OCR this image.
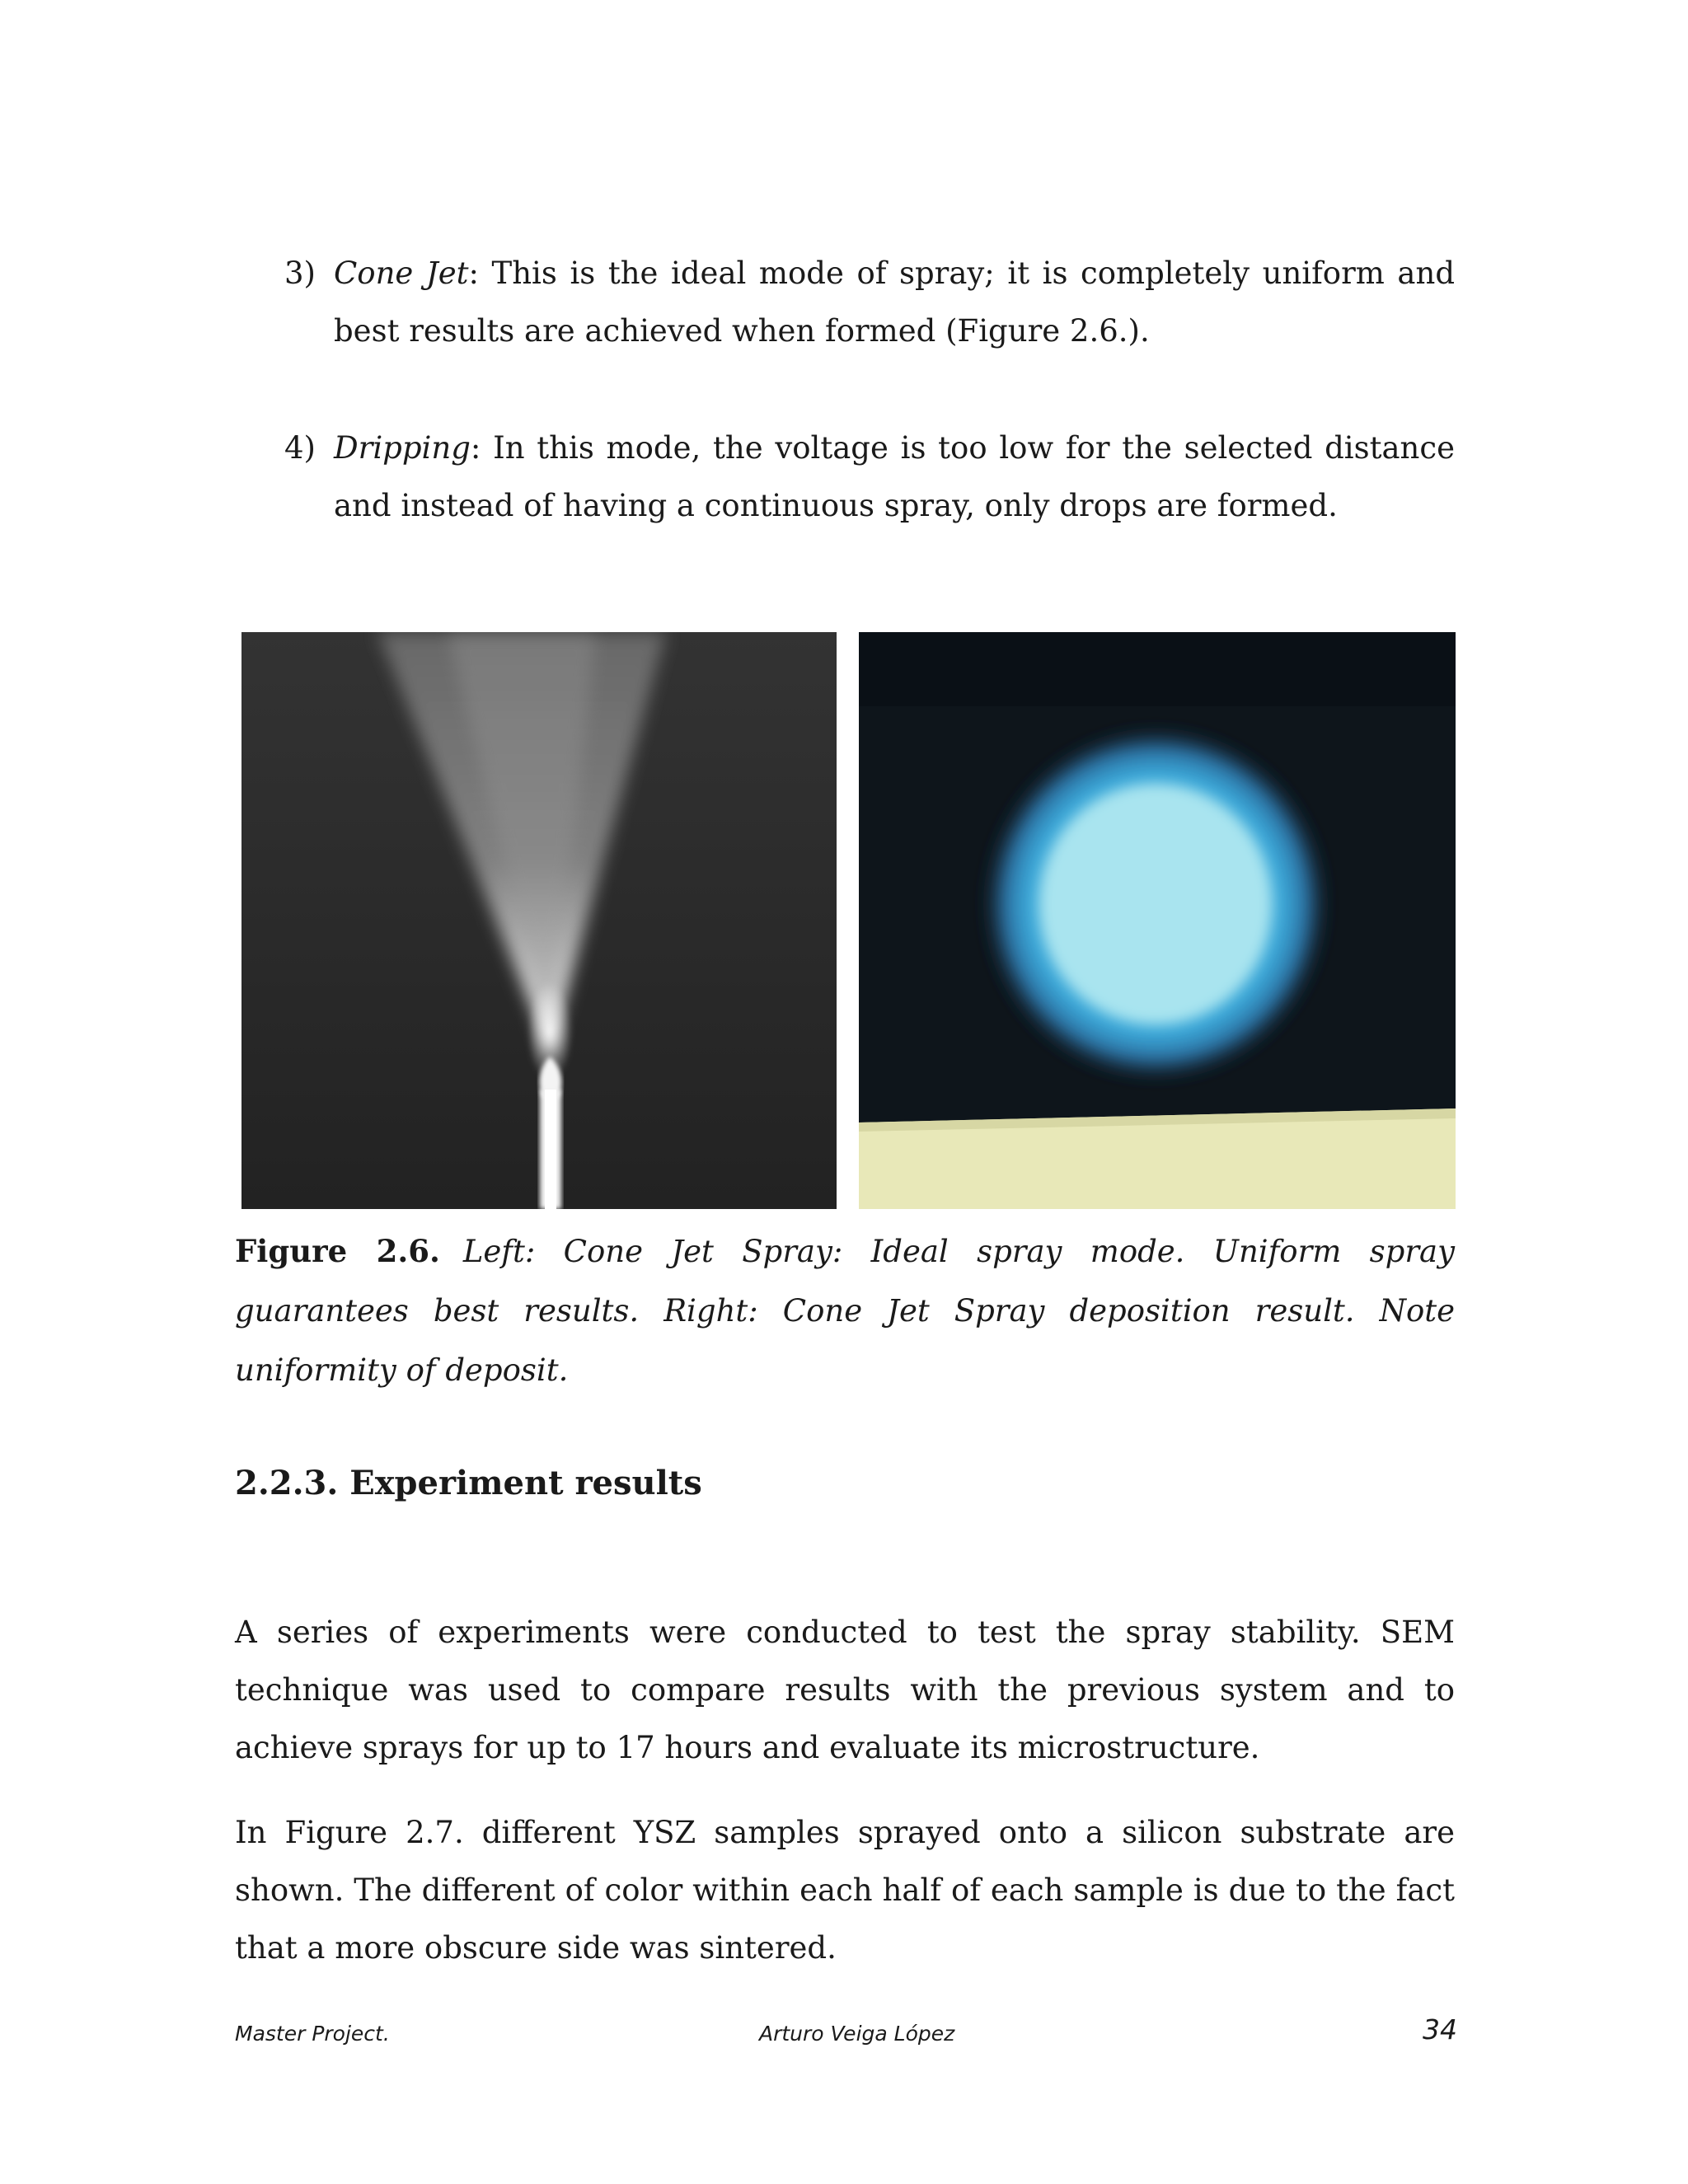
3) Cone Jet: This is the ideal mode of spray; it is completely uniform and best results are achieved when formed (Figure 2.6.).
4) Dripping: In this mode, the voltage is too low for the selected distance and instead of having a continuous spray, only drops are formed.
Figure 2.6. Left: Cone Jet Spray: Ideal spray mode. Uniform spray guarantees best results. Right: Cone Jet Spray deposition result. Note uniformity of deposit.
2.2.3. Experiment results

A series of experiments were conducted to test the spray stability. SEM technique was used to compare results with the previous system and to achieve sprays for up to 17 hours and evaluate its microstructure.

In Figure 2.7. different YSZ samples sprayed onto a silicon substrate are shown. The different of color within each half of each sample is due to the fact that a more obscure side was sintered.

Master Project.	Arturo Veiga López	34
